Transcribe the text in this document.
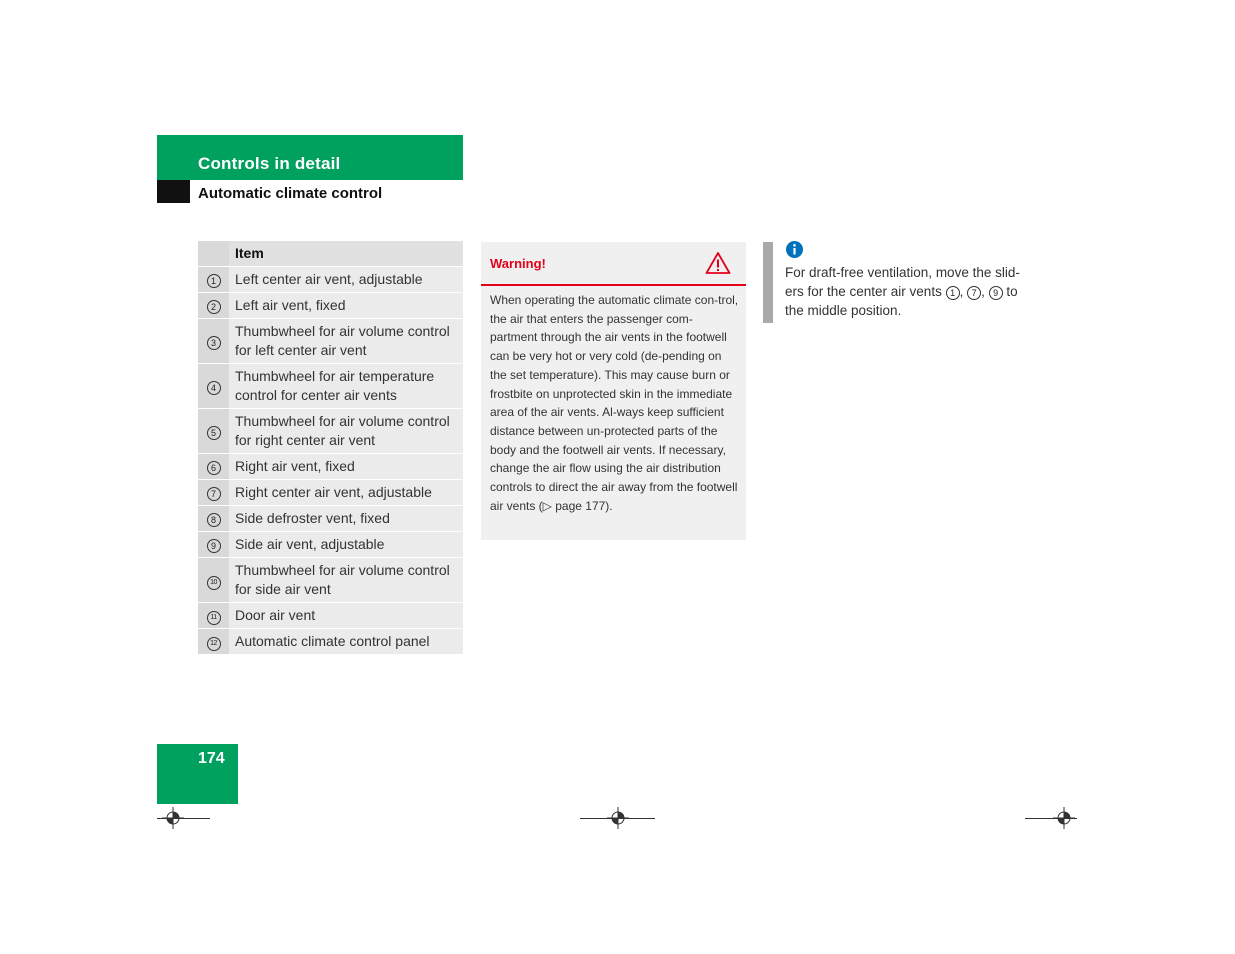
Controls in detail
Automatic climate control
	Item
1	Left center air vent, adjustable
2	Left air vent, fixed
3	Thumbwheel for air volume control for left center air vent
4	Thumbwheel for air temperature control for center air vents
5	Thumbwheel for air volume control for right center air vent
6	Right air vent, fixed
7	Right center air vent, adjustable
8	Side defroster vent, fixed
9	Side air vent, adjustable
10	Thumbwheel for air volume control for side air vent
11	Door air vent
12	Automatic climate control panel
Warning!
When operating the automatic climate con-trol, the air that enters the passenger com-partment through the air vents in the footwell can be very hot or very cold (de-pending on the set temperature). This may cause burn or frostbite on unprotected skin in the immediate area of the air vents. Al-ways keep sufficient distance between un-protected parts of the body and the footwell air vents. If necessary, change the air flow using the air distribution controls to direct the air away from the footwell air vents (▷ page 177).
For draft-free ventilation, move the slid-ers for the center air vents 1 , 7 , 9 to the middle position.
174
